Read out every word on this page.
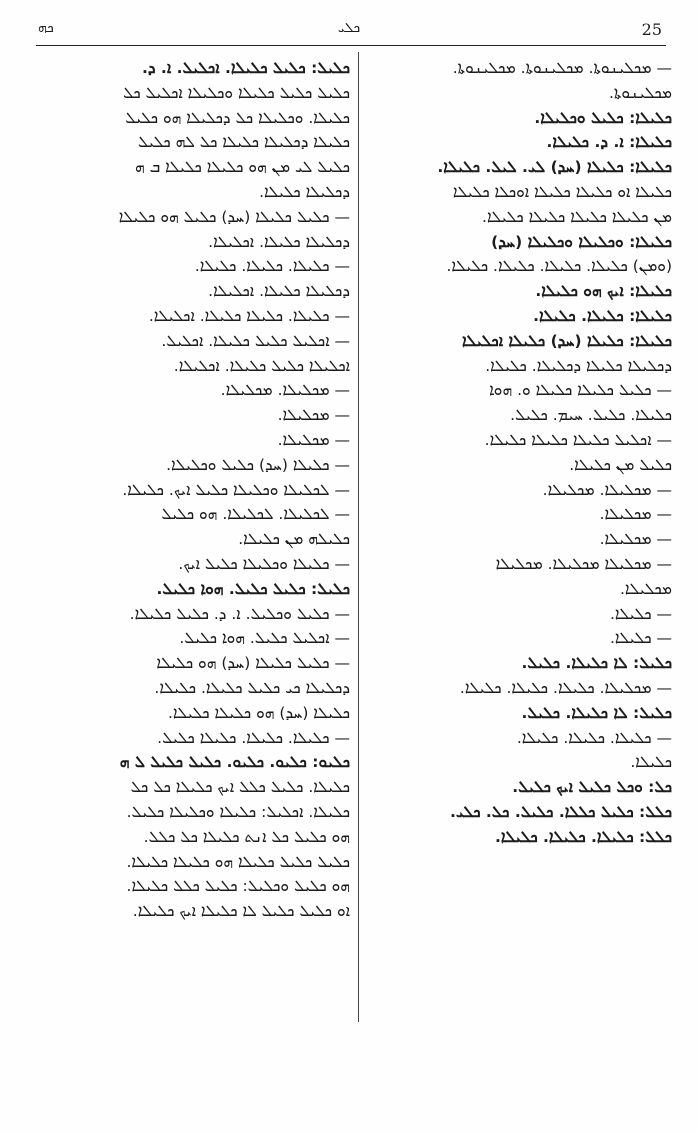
ܟܗ	ܟܠܝ	25
— ܡܟܠܝܢܘܬܐ. ܡܟܠܝܢܘܬܐ. ܡܟܠܝܢܘܬܐ.
ܡܟܠܝܢܘܬܐ.
ܟܠܝܠܐ: ܟܠܝܠ ܘܟܠܝܠܐ.
ܟܠܝܠܐ: ܐ. ܕ. ܟܠܝܠܐ.
ܟܠܝܠܐ: ܟܠܝܠܐ (ܚܕ) ܠܝ. ܠܝܠ. ܟܠܝܠܐ.
ܟܠܝܠܐ ܐܘ ܟܠܝܠܐ ܟܠܝܠܐ ܐܘܟܠܐ ܟܠܝܠܐ
ܡܢ ܟܠܝܠܐ ܟܠܝܠܐ ܟܠܝܠܐ ܟܠܝܠܐ.
ܟܠܝܠܐ: ܘܟܠܝܠܐ ܘܟܠܝܠܐ (ܚܕ)
(ܘܡܢ) ܟܠܝܠܐ. ܟܠܝܠܐ. ܟܠܝܠܐ. ܟܠܝܠܐ.
ܟܠܝܠܐ: ܐܝܟ ܗܘ ܟܠܝܠܐ.
ܟܠܝܠܐ: ܟܠܝܠܐ. ܟܠܝܠܐ.
ܟܠܝܠܐ: ܟܠܝܠܐ (ܚܕ) ܟܠܝܠܐ ܐܟܠܝܠܐ
ܕܟܠܝܠܐ ܟܠܝܠܐ ܕܟܠܝܠܐ. ܟܠܝܠܐ.
— ܟܠܝܠ ܟܠܝܠܐ ܟܠܝܠܐ ܘ. ܗܘܐ
ܟܠܝܠܐ. ܟܠܝܠ. ܚܝܡ. ܟܠܝܠ.
— ܐܟܠܝܠ ܟܠܝܠܐ ܟܠܝܠܐ ܟܠܝܠܐ.
ܟܠܝܠ ܡܢ ܟܠܝܠܐ.
— ܡܟܠܝܠܐ. ܡܟܠܝܠܐ.
— ܡܟܠܝܠܐ.
— ܡܟܠܝܠܐ.
— ܡܟܠܝܠܐ ܡܟܠܝܠܐ. ܡܟܠܝܠܐ
ܡܟܠܝܠܐ.
— ܟܠܝܠܐ.
— ܟܠܝܠܐ.
ܟܠܝܠ: ܠܐ ܟܠܝܠܐ. ܟܠܝܠ.
— ܡܟܠܝܠܐ. ܟܠܝܠܐ. ܟܠܝܠܐ. ܟܠܝܠܐ.
ܟܠܝܠ: ܠܐ ܟܠܝܠܐ. ܟܠܝܠ.
— ܟܠܝܠܐ. ܟܠܝܠܐ. ܟܠܝܠܐ.
ܟܠܝܠܐ.
ܟܠ: ܘܟܠ ܟܠܝܠ ܐܝܟ ܟܠܝܠ.
ܟܠܠ: ܟܠܝܠ ܟܠܠܐ. ܟܠܝܠ. ܟܠ. ܟܠܝ.
ܟܠܠ: ܟܠܝܠܐ. ܟܠܝܠܐ. ܟܠܝܠܐ.
ܟܠܝܠ: ܟܠܝܠ ܟܠܝܠܐ. ܐܟܠܝܠ. ܐ. ܕ.
ܟܠܝܠ ܟܠܝܠ ܟܠܝܠܐ ܘܟܠܝܠܐ ܐܟܠܝܠ ܟܠ
ܟܠܝܠܐ. ܘܟܠܝܠܐ ܟܠ ܕܟܠܝܠܐ ܗܘ ܟܠܝܠ
ܟܠܝܠܐ ܕܟܠܝܠܐ ܟܠܝܠܐ ܟܠ ܠܗ ܟܠܝܠ
ܟܠܝܠ ܠܝ ܡܢ ܗܘ ܟܠܝܠܐ ܟܠܝܠܐ ܒ ܗ
ܕܟܠܝܠܐ ܟܠܝܠܐ.
— ܟܠܝܠ ܟܠܝܠܐ (ܚܕ) ܟܠܝܠ ܗܘ ܟܠܝܠܐ
ܕܟܠܝܠܐ ܟܠܝܠܐ. ܐܟܠܝܠܐ.
— ܟܠܝܠܐ. ܟܠܝܠܐ. ܟܠܝܠܐ.
ܕܟܠܝܠܐ ܟܠܝܠܐ. ܐܟܠܝܠܐ.
— ܟܠܝܠܐ. ܟܠܝܠܐ ܟܠܝܠܐ. ܐܟܠܝܠܐ.
— ܐܟܠܝܠ ܟܠܝܠ ܟܠܝܠܐ. ܐܟܠܝܠ.
ܐܟܠܝܠܐ ܟܠܝܠ ܟܠܝܠܐ. ܐܟܠܝܠܐ.
— ܡܟܠܝܠܐ. ܡܟܠܝܠܐ.
— ܡܟܠܝܠܐ.
— ܡܟܠܝܠܐ.
— ܟܠܝܠܐ (ܚܕ) ܟܠܝܠ ܘܟܠܝܠܐ.
— ܠܟܠܝܠܐ ܘܟܠܝܠܐ ܟܠܝܠ ܐܝܟ. ܟܠܝܠܐ.
— ܠܟܠܝܠܐ. ܠܟܠܝܠܐ. ܗܘ ܟܠܝܠ
ܟܠܝܠܗ ܡܢ ܟܠܝܠܐ.
— ܟܠܝܠܐ ܘܟܠܝܠܐ ܟܠܝܠ ܐܝܟ.
ܟܠܝܠ: ܟܠܝܠ ܟܠܝܠ. ܗܘܐ ܟܠܝܠ.
— ܟܠܝܠ ܘܟܠܝܠ. ܐ. ܕ. ܟܠܝܠ ܟܠܝܠܐ.
— ܐܟܠܝܠ ܟܠܝܠ. ܗܘܐ ܟܠܝܠ.
— ܟܠܝܠ ܟܠܝܠܐ (ܚܕ) ܗܘ ܟܠܝܠܐ
ܕܟܠܝܠܐ ܟܝ ܟܠܝܠ ܟܠܝܠܐ. ܟܠܝܠܐ.
ܟܠܝܠܐ (ܚܕ) ܗܘ ܟܠܝܠܐ ܟܠܝܠܐ.
— ܟܠܝܠܐ. ܟܠܝܠܐ. ܟܠܝܠܐ ܟܠܝܠ.
ܟܠܝܘ: ܟܠܝܘ. ܟܠܝܘ. ܟܠܝܠ ܟܠܝܠ ܠ ܗ
ܟܠܝܠܐ. ܟܠܝܠ ܟܠܠ ܐܝܟ ܟܠܝܠܐ ܟܠ ܟܠ
ܟܠܝܠܐ. ܐܟܠܝܠ: ܟܠܝܠܐ ܘܟܠܝܠܐ ܟܠܝܠ.
ܗܘ ܟܠܝܠ ܟܠ ܐܢܬ ܟܠܝܠܐ ܟܠ ܟܠܠ.
ܟܠܝܠ ܟܠܝܠ ܟܠܝܠܐ ܗܘ ܟܠܝܠܐ ܟܠܝܠܐ.
ܗܘ ܟܠܝܠ ܘܟܠܝܠ: ܟܠܝܠ ܟܠܠ ܟܠܝܠܐ.
ܐܘ ܟܠܝܠ ܟܠܝܠ ܠܐ ܟܠܝܠܐ ܐܝܟ ܟܠܝܠܐ.
